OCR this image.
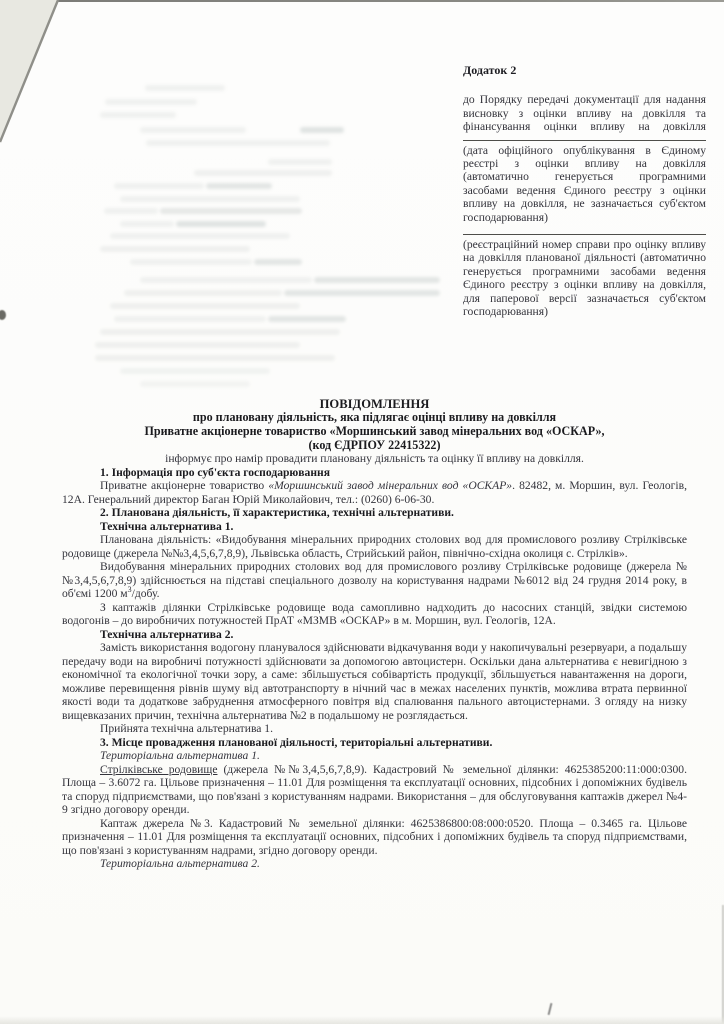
Додаток 2

до Порядку передачі документації для надання висновку з оцінки впливу на довкілля та фінансування оцінки впливу на довкілля

(дата офіційного опублікування в Єдиному реєстрі з оцінки впливу на довкілля (автоматично генерується програмними засобами ведення Єдиного реєстру з оцінки впливу на довкілля, не зазначається суб'єктом господарювання)

(реєстраційний номер справи про оцінку впливу на довкілля планованої діяльності (автоматично генерується програмними засобами ведення Єдиного реєстру з оцінки впливу на довкілля, для паперової версії зазначається суб'єктом господарювання)

ПОВІДОМЛЕННЯ

про плановану діяльність, яка підлягає оцінці впливу на довкілля

Приватне акціонерне товариство «Моршинський завод мінеральних вод «ОСКАР»,

(код ЄДРПОУ 22415322)

інформує про намір провадити плановану діяльність та оцінку її впливу на довкілля.

1. Інформація про суб'єкта господарювання

Приватне акціонерне товариство «Моршинський завод мінеральних вод «ОСКАР». 82482, м. Моршин, вул. Геологів, 12А. Генеральний директор Баган Юрій Миколайович, тел.: (0260) 6-06-30.

2. Планована діяльність, її характеристика, технічні альтернативи.

Технічна альтернатива 1.

Планована діяльність: «Видобування мінеральних природних столових вод для промислового розливу Стрілківське родовище (джерела №№3,4,5,6,7,8,9), Львівська область, Стрийський район, північно-східна околиця с. Стрілків».

Видобування мінеральних природних столових вод для промислового розливу Стрілківське родовище (джерела №№3,4,5,6,7,8,9) здійснюється на підставі спеціального дозволу на користування надрами №6012 від 24 грудня 2014 року, в об'ємі 1200 $м^3$/добу.

З каптажів ділянки Стрілківське родовище вода самопливно надходить до насосних станцій, звідки системою водогонів – до виробничих потужностей ПрАТ «МЗМВ «ОСКАР» в м. Моршин, вул. Геологів, 12А.

Технічна альтернатива 2.

Замість використання водогону планувалося здійснювати відкачування води у накопичувальні резервуари, а подальшу передачу води на виробничі потужності здійснювати за допомогою автоцистерн. Оскільки дана альтернатива є невигідною з економічної та екологічної точки зору, а саме: збільшується собівартість продукції, збільшується навантаження на дороги, можливе перевищення рівнів шуму від автотранспорту в нічний час в межах населених пунктів, можлива втрата первинної якості води та додаткове забруднення атмосферного повітря від спалювання пального автоцистернами. З огляду на низку вищевказаних причин, технічна альтернатива №2 в подальшому не розглядається.

Прийнята технічна альтернатива 1.

3. Місце провадження планованої діяльності, територіальні альтернативи.

Територіальна альтернатива 1.

Стрілківське родовище (джерела №№3,4,5,6,7,8,9). Кадастровий № земельної ділянки: 4625385200:11:000:0300. Площа – 3.6072 га. Цільове призначення – 11.01 Для розміщення та експлуатації основних, підсобних і допоміжних будівель та споруд підприємствами, що пов'язані з користуванням надрами. Використання – для обслуговування каптажів джерел №4-9 згідно договору оренди.

Каптаж джерела №3. Кадастровий № земельної ділянки: 4625386800:08:000:0520. Площа – 0.3465 га. Цільове призначення – 11.01 Для розміщення та експлуатації основних, підсобних і допоміжних будівель та споруд підприємствами, що пов'язані з користуванням надрами, згідно договору оренди.

Територіальна альтернатива 2.
